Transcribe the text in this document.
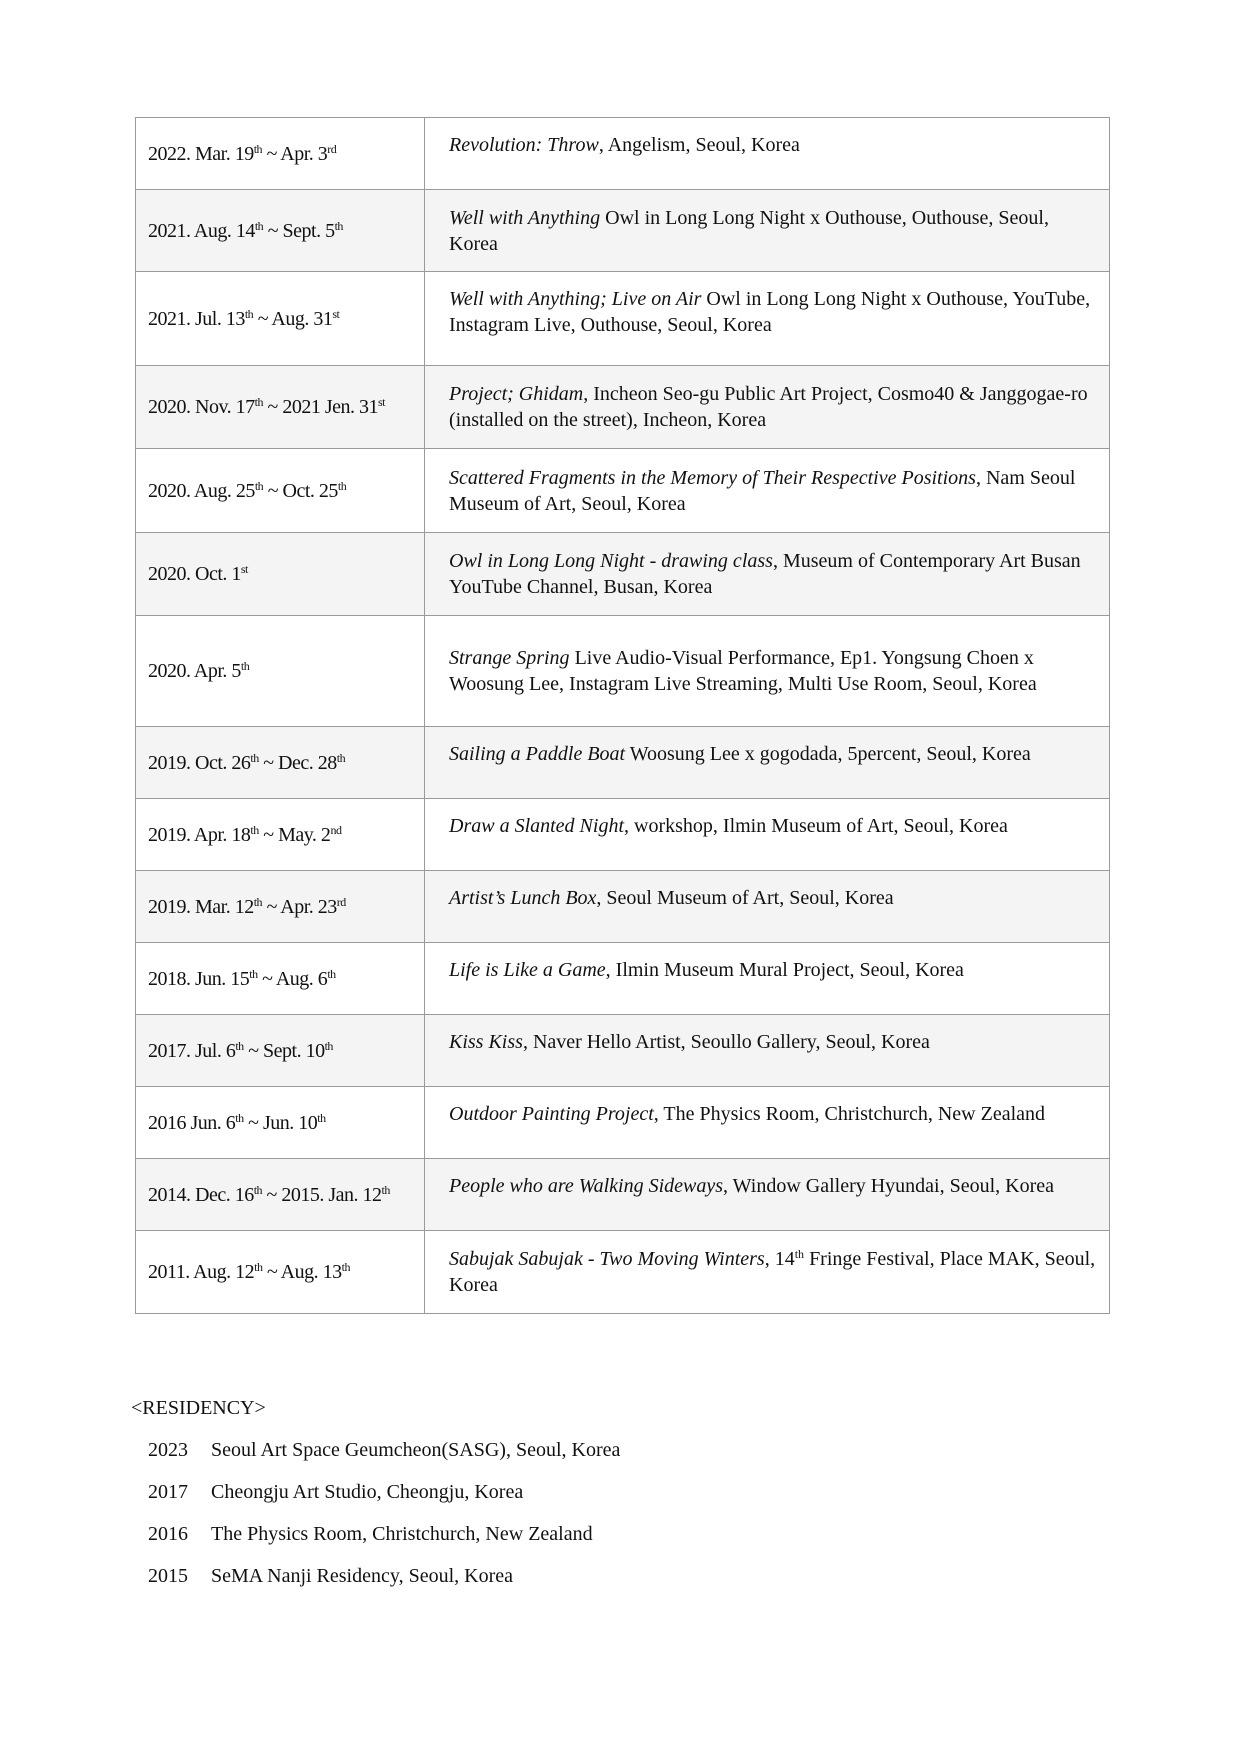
2022. Mar. 19th ~ Apr. 3rd	Revolution: Throw, Angelism, Seoul, Korea
2021. Aug. 14th ~ Sept. 5th	Well with Anything Owl in Long Long Night x Outhouse, Outhouse, Seoul, Korea
2021. Jul. 13th ~ Aug. 31st	Well with Anything; Live on Air Owl in Long Long Night x Outhouse, YouTube, Instagram Live, Outhouse, Seoul, Korea
2020. Nov. 17th ~ 2021 Jen. 31st	Project; Ghidam, Incheon Seo-gu Public Art Project, Cosmo40 & Janggogae-ro (installed on the street), Incheon, Korea
2020. Aug. 25th ~ Oct. 25th	Scattered Fragments in the Memory of Their Respective Positions, Nam Seoul Museum of Art, Seoul, Korea
2020. Oct. 1st	Owl in Long Long Night - drawing class, Museum of Contemporary Art Busan YouTube Channel, Busan, Korea
2020. Apr. 5th	Strange Spring Live Audio-Visual Performance, Ep1. Yongsung Choen x Woosung Lee, Instagram Live Streaming, Multi Use Room, Seoul, Korea
2019. Oct. 26th ~ Dec. 28th	Sailing a Paddle Boat Woosung Lee x gogodada, 5percent, Seoul, Korea
2019. Apr. 18th ~ May. 2nd	Draw a Slanted Night, workshop, Ilmin Museum of Art, Seoul, Korea
2019. Mar. 12th ~ Apr. 23rd	Artist’s Lunch Box, Seoul Museum of Art, Seoul, Korea
2018. Jun. 15th ~ Aug. 6th	Life is Like a Game, Ilmin Museum Mural Project, Seoul, Korea
2017. Jul. 6th ~ Sept. 10th	Kiss Kiss, Naver Hello Artist, Seoullo Gallery, Seoul, Korea
2016 Jun. 6th ~ Jun. 10th	Outdoor Painting Project, The Physics Room, Christchurch, New Zealand
2014. Dec. 16th ~ 2015. Jan. 12th	People who are Walking Sideways, Window Gallery Hyundai, Seoul, Korea
2011. Aug. 12th ~ Aug. 13th	Sabujak Sabujak - Two Moving Winters, 14th Fringe Festival, Place MAK, Seoul, Korea
<RESIDENCY>
2023	Seoul Art Space Geumcheon(SASG), Seoul, Korea
2017	Cheongju Art Studio, Cheongju, Korea
2016	The Physics Room, Christchurch, New Zealand
2015	SeMA Nanji Residency, Seoul, Korea
